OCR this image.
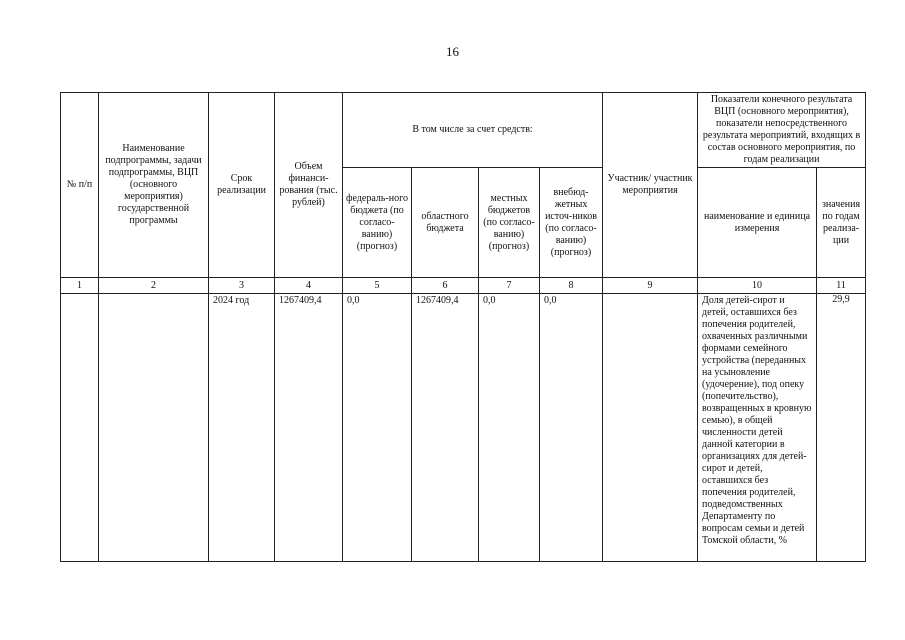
16
№ п/п	Наименование подпрограммы, задачи подпрограммы, ВЦП (основного мероприятия) государственной программы	Срок реализации	Объем финанси-рования (тыс. рублей)	В том числе за счет средств:				Участник/ участник мероприятия	Показатели конечного результата ВЦП (основного мероприятия), показатели непосредственного результата мероприятий, входящих в состав основного мероприятия, по годам реализации	
				федераль-ного бюджета (по согласо-ванию) (прогноз)	областного бюджета	местных бюджетов (по согласо-ванию) (прогноз)	внебюд-жетных источ-ников (по согласо-ванию) (прогноз)		наименование и единица измерения	значения по годам реализа-ции
1	2	3	4	5	6	7	8	9	10	11
		2024 год	1267409,4	0,0	1267409,4	0,0	0,0		Доля детей-сирот и детей, оставшихся без попечения родителей, охваченных различными формами семейного устройства (переданных на усыновление (удочерение), под опеку (попечительство), возвращенных в кровную семью), в общей численности детей данной категории в организациях для детей-сирот и детей, оставшихся без попечения родителей, подведомственных Департаменту по вопросам семьи и детей Томской области, %	29,9
